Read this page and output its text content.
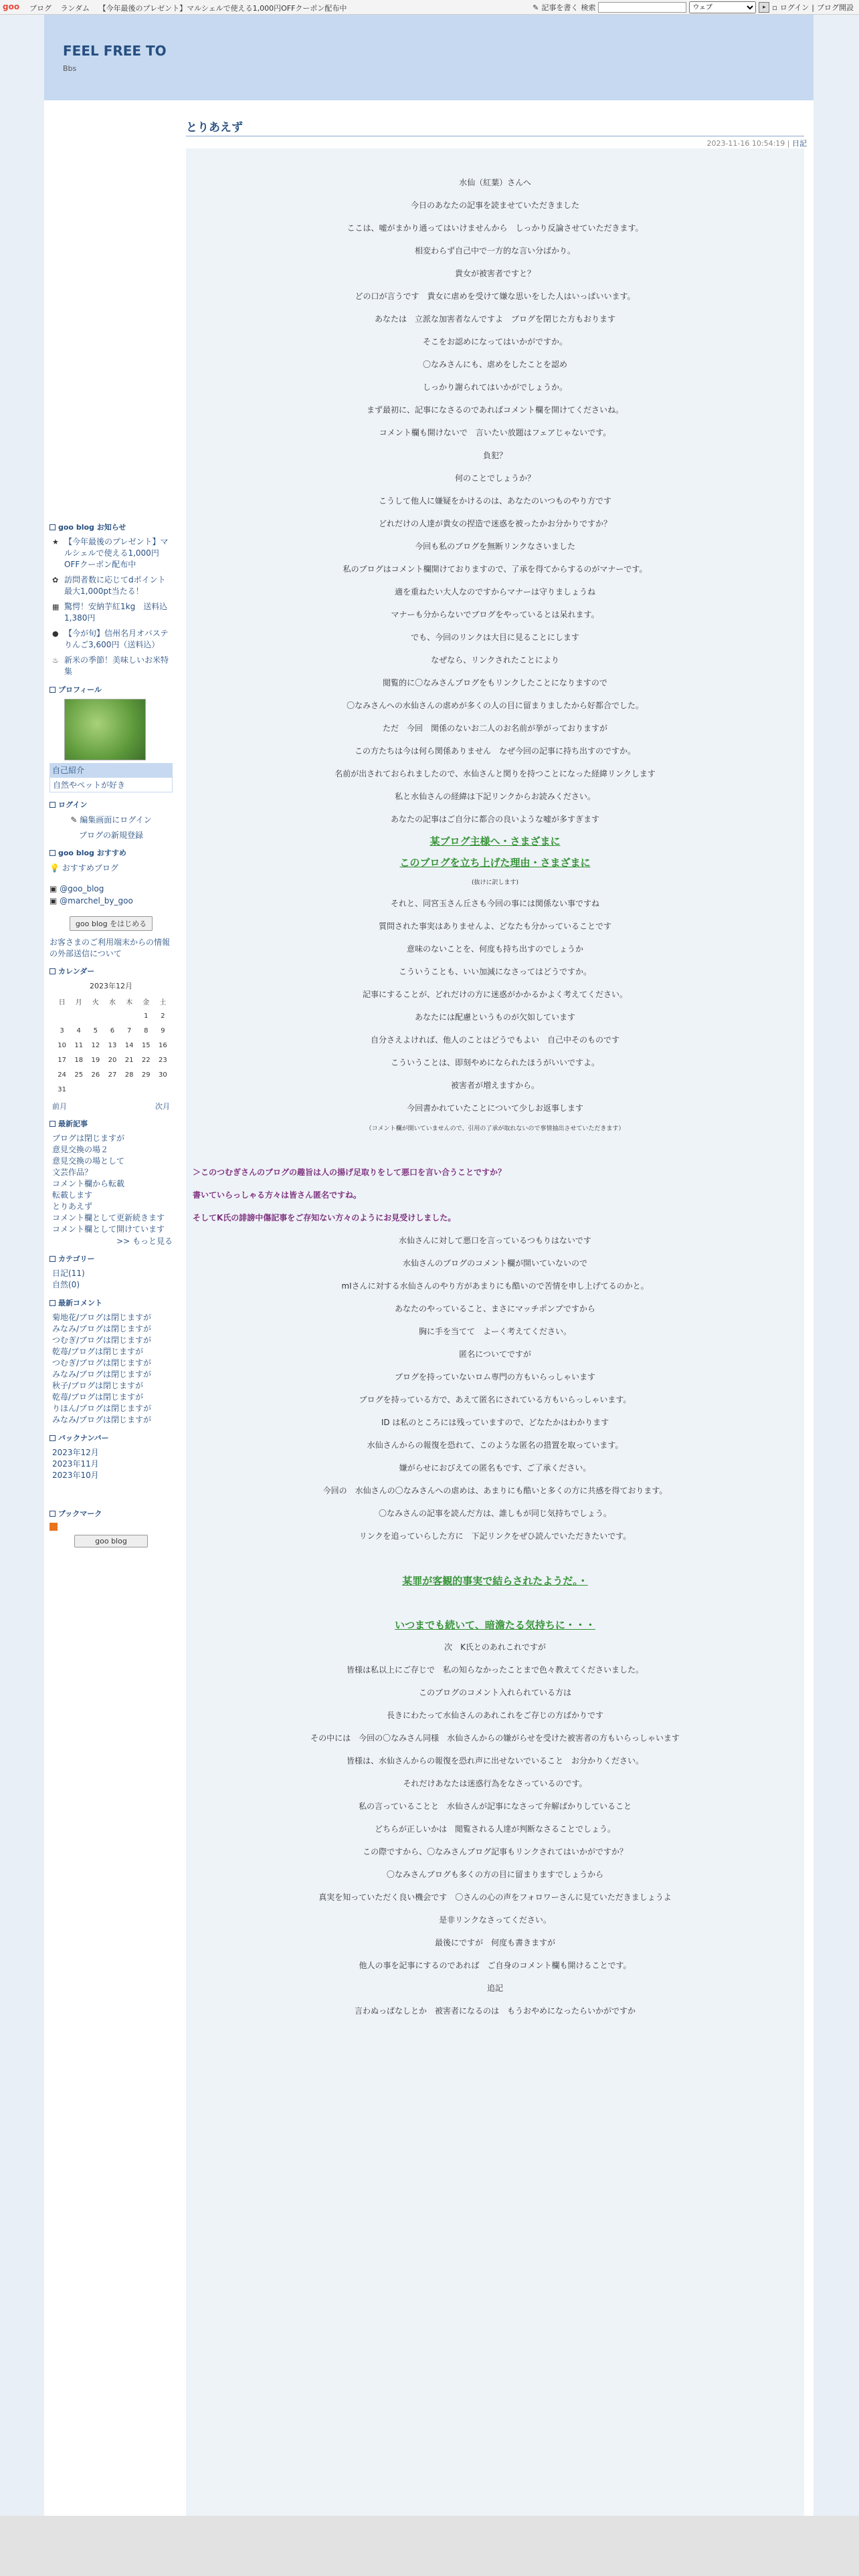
goo ブログ ランダム 【今年最後のプレゼント】マルシェルで使える1,000円OFFクーポン配布中	✎ 記事を書く 検索
ウェブ	▸ ▫ ログイン | ブログ開設
FEEL FREE TO
Bbs
とりあえず
2023-11-16 10:54:19 | 日記

水仙（紅葉）さんへ

今日のあなたの記事を読ませていただきました

ここは、嘘がまかり通ってはいけませんから　しっかり反論させていただきます。

相変わらず自己中で一方的な言い分ばかり。

貴女が被害者ですと？

どの口が言うです　貴女に虐めを受けて嫌な思いをした人はいっぱいいます。

あなたは　立派な加害者なんですよ　ブログを閉じた方もおります

そこをお認めになってはいかがですか。

〇なみさんにも、虐めをしたことを認め

しっかり謝られてはいかがでしょうか。

まず最初に、記事になさるのであればコメント欄を開けてくださいね。

コメント欄も開けないで　言いたい放題はフェアじゃないです。

負犯？

何のことでしょうか？

こうして他人に嫌疑をかけるのは、あなたのいつものやり方です

どれだけの人達が貴女の捏造で迷惑を被ったかお分かりですか？

今回も私のブログを無断リンクなさいました

私のブログはコメント欄開けておりますので、了承を得てからするのがマナーです。

適を重ねたい大人なのですからマナーは守りましょうね

マナーも分からないでブログをやっているとは呆れます。

でも、今回のリンクは大目に見ることにします

なぜなら、リンクされたことにより

閲覧的に〇なみさんブログをもリンクしたことになりますので

〇なみさんへの水仙さんの虐めが多くの人の目に留まりましたから好都合でした。

ただ　今回　関係のないお二人のお名前が挙がっておりますが

この方たちは今は何ら関係ありません　なぜ今回の記事に持ち出すのですか。

名前が出されておられましたので、水仙さんと関りを持つことになった経緯リンクします

私と水仙さんの経緯は下記リンクからお読みください。

あなたの記事はご自分に都合の良いような嘘が多すぎます

某ブログ主様へ・さまざまに

このブログを立ち上げた理由・さまざまに

(抜けに訳します)

それと、同宮玉さん丘さも今回の事には関係ない事ですね

質問された事実はありませんよ、どなたも分かっていることです

意味のないことを、何度も持ち出すのでしょうか

こういうことも、いい加減になさってはどうですか。

記事にすることが、どれだけの方に迷惑がかかるかよく考えてください。

あなたには配慮というものが欠如しています

自分さえよければ、他人のことはどうでもよい　自己中そのものです

こういうことは、即刻やめになられたほうがいいですよ。

被害者が増えますから。

今回書かれていたことについて少しお返事します

（コメント欄が開いていませんので、引用の了承が取れないので事情抽出させていただきます）

＞このつむぎさんのブログの趣旨は人の揚げ足取りをして悪口を言い合うことですか？

書いていらっしゃる方々は皆さん匿名ですね。

そしてK氏の誹謗中傷記事をご存知ない方々のようにお見受けしました。

水仙さんに対して悪口を言っているつもりはないです

水仙さんのブログのコメント欄が開いていないので

mIさんに対する水仙さんのやり方があまりにも酷いので苦情を申し上げてるのかと。

あなたのやっていること、まさにマッチポンプですから

胸に手を当てて　よーく考えてください。

匿名についてですが

ブログを持っていないロム専門の方もいらっしゃいます

ブログを持っている方で、あえて匿名にされている方もいらっしゃいます。

ID は私のところには残っていますので、どなたかはわかります

水仙さんからの報復を恐れて、このような匿名の措置を取っています。

嫌がらせにおびえての匿名もです、ご了承ください。

今回の　水仙さんの〇なみさんへの虐めは、あまりにも酷いと多くの方に共感を得ております。

〇なみさんの記事を読んだ方は、誰しもが同じ気持ちでしょう。

リンクを追っていらした方に　下記リンクをぜひ読んでいただきたいです。

某罪が客観的事実で結らされたようだ。・

いつまでも続いて、暗澹たる気持ちに・・・

次　K氏とのあれこれですが

皆様は私以上にご存じで　私の知らなかったことまで色々教えてくださいました。

このブログのコメント入れられている方は

長きにわたって水仙さんのあれこれをご存じの方ばかりです

その中には　今回の〇なみさん同様　水仙さんからの嫌がらせを受けた被害者の方もいらっしゃいます

皆様は、水仙さんからの報復を恐れ声に出せないでいること　お分かりください。

それだけあなたは迷惑行為をなさっているのです。

私の言っていることと　水仙さんが記事になさって弁解ばかりしていること

どちらが正しいかは　閲覧される人達が判断なさることでしょう。

この際ですから、〇なみさんブログ記事もリンクされてはいかがですか？

〇なみさんブログも多くの方の目に留まりますでしょうから

真実を知っていただく良い機会です　〇さんの心の声をフォロワーさんに見ていただきましょうよ

是非リンクなさってください。

最後にですが　何度も書きますが

他人の事を記事にするのであれば　ご自身のコメント欄も開けることです。

追記

言わぬっぱなしとか　被害者になるのは　もうおやめになったらいかがですか

goo blog お知らせ
★ 【今年最後のプレゼント】マルシェルで使える1,000円OFFクーポン配布中
✿ 訪問者数に応じてdポイント最大1,000pt当たる！
▦ 驚愕！安納芋紅1kg　送料込1,380円
● 【今が旬】信州名月オバステりんご3,600円（送料込）
♨ 新米の季節！美味しいお米特集
プロフィール
自己紹介
自然やペットが好き
ログイン
✎ 編集画面にログイン
ブログの新規登録
goo blog おすすめ
💡 おすすめブログ
▣ @goo_blog
▣ @marchel_by_goo
goo blog をはじめる
お客さまのご利用端末からの情報の外部送信について
カレンダー
2023年12月
日	月	火	水	木	金	土
					1	2
3	4	5	6	7	8	9
10	11	12	13	14	15	16
17	18	19	20	21	22	23
24	25	26	27	28	29	30
31						
前月	次月
最新記事
ブログは閉じますが
意見交換の場２
意見交換の場として
文芸作品？
コメント欄から転載
転載します
とりあえず
コメント欄として更新続きます
コメント欄として開けています
>> もっと見る
カテゴリー
日記(11)
自然(0)
最新コメント
菊地花/ブログは閉じますが
みなみ/ブログは閉じますが
つむぎ/ブログは閉じますが
乾苺/ブログは閉じますが
つむぎ/ブログは閉じますが
みなみ/ブログは閉じますが
秋子/ブログは閉じますが
乾苺/ブログは閉じますが
りほん/ブログは閉じますが
みなみ/ブログは閉じますが
バックナンバー
2023年12月
2023年11月
2023年10月
ブックマーク
goo blog
